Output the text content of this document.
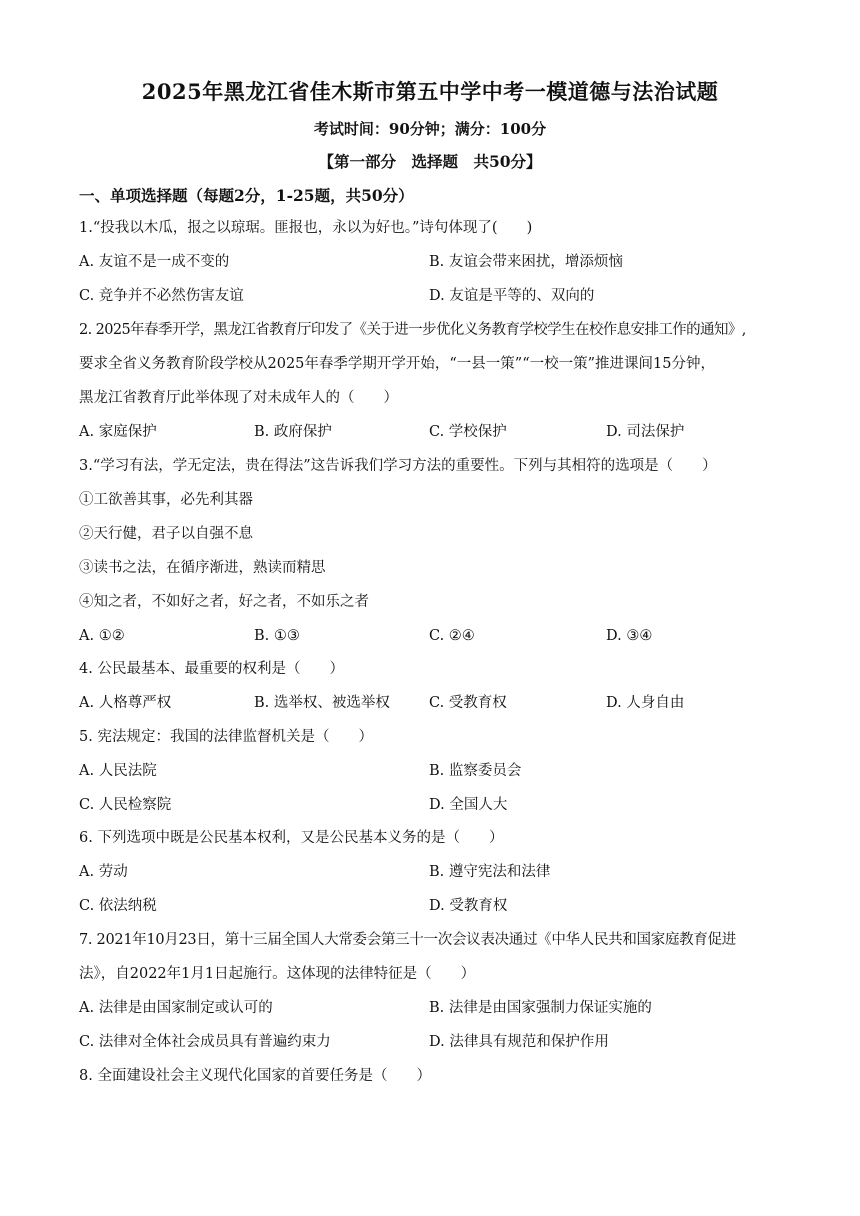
2025年黑龙江省佳木斯市第五中学中考一模道德与法治试题
考试时间：90分钟；满分：100分
【第一部分　选择题　共50分】
一、单项选择题（每题2分，1-25题，共50分）
1.“投我以木瓜，报之以琼琚。匪报也，永以为好也。”诗句体现了(　　)
A. 友谊不是一成不变的	B. 友谊会带来困扰，增添烦恼
C. 竞争并不必然伤害友谊	D. 友谊是平等的、双向的
2. 2025年春季开学，黑龙江省教育厅印发了《关于进一步优化义务教育学校学生在校作息安排工作的通知》,
要求全省义务教育阶段学校从2025年春季学期开学开始，“一县一策”“一校一策”推进课间15分钟，
黑龙江省教育厅此举体现了对未成年人的（　　）
A. 家庭保护	B. 政府保护	C. 学校保护	D. 司法保护
3.“学习有法，学无定法，贵在得法”这告诉我们学习方法的重要性。下列与其相符的选项是（　　）
①工欲善其事，必先利其器
②天行健，君子以自强不息
③读书之法，在循序渐进，熟读而精思
④知之者，不如好之者，好之者，不如乐之者
A. ①②	B. ①③	C. ②④	D. ③④
4. 公民最基本、最重要的权利是（　　）
A. 人格尊严权	B. 选举权、被选举权	C. 受教育权	D. 人身自由
5. 宪法规定：我国的法律监督机关是（　　）
A. 人民法院	B. 监察委员会
C. 人民检察院	D. 全国人大
6. 下列选项中既是公民基本权利，又是公民基本义务的是（　　）
A. 劳动	B. 遵守宪法和法律
C. 依法纳税	D. 受教育权
7. 2021年10月23日，第十三届全国人大常委会第三十一次会议表决通过《中华人民共和国家庭教育促进
法》，自2022年1月1日起施行。这体现的法律特征是（　　）
A. 法律是由国家制定或认可的	B. 法律是由国家强制力保证实施的
C. 法律对全体社会成员具有普遍约束力	D. 法律具有规范和保护作用
8. 全面建设社会主义现代化国家的首要任务是（　　）
